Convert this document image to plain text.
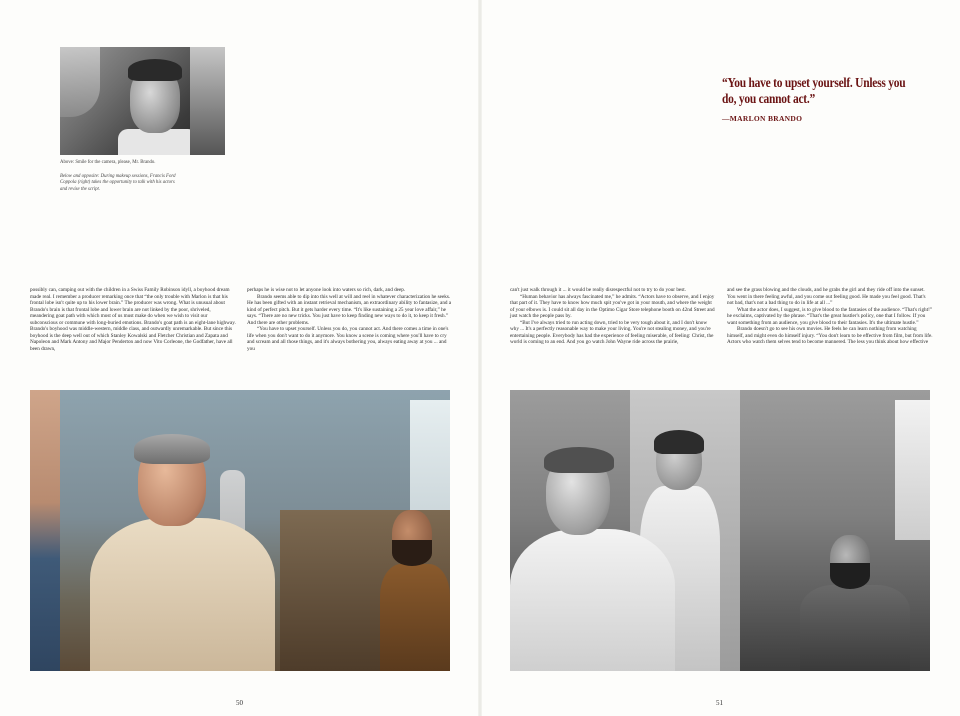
Above: Smile for the camera, please, Mr. Brando.
Below and opposite: During makeup sessions, Francis Ford Coppola (right) takes the opportunity to talk with his actors and revise the script.
“You have to upset yourself. Unless you do, you cannot act.”
—MARLON BRANDO

possibly can, camping out with the children in a Swiss Family Robinson idyll, a boyhood dream made real. I remember a producer remarking once that “the only trouble with Marlon is that his frontal lobe isn't quite up to his lower brain.” The producer was wrong. What is unusual about Brando's brain is that frontal lobe and lower brain are not linked by the poor, shriveled, meandering goat path with which most of us must make do when we wish to visit our subconscious or commune with long-buried emotions. Brando's goat path is an eight-lane highway. Brando's boyhood was middle-western, middle class, and outwardly unremarkable. But since this boyhood is the deep well out of which Stanley Kowalski and Fletcher Christian and Zapata and Napoleon and Mark Antony and Major Penderton and now Vito Corleone, the Godfather, have all been drawn,

perhaps he is wise not to let anyone look into waters so rich, dark, and deep.

Brando seems able to dip into this well at will and reel in whatever characterization he seeks. He has been gifted with an instant retrieval mechanism, an extraordinary ability to fantasize, and a kind of perfect pitch. But it gets harder every time. “It's like sustaining a 25 year love affair,” he says. “There are no new tricks. You just have to keep finding new ways to do it, to keep it fresh.” And there are other problems.

“You have to upset yourself. Unless you do, you cannot act. And there comes a time in one's life when you don't want to do it anymore. You know a scene is coming where you'll have to cry and scream and all those things, and it's always bothering you, always eating away at you ... and you

can't just walk through it ... it would be really disrespectful not to try to do your best.

“Human behavior has always fascinated me,” he admits. “Actors have to observe, and I enjoy that part of it. They have to know how much spit you've got in your mouth, and where the weight of your elbows is. I could sit all day in the Optimo Cigar Store telephone booth on 42nd Street and just watch the people pass by.

“But I've always tried to run acting down, tried to be very tough about it, and I don't know why ... It's a perfectly reasonable way to make your living. You're not stealing money, and you're entertaining people. Everybody has had the experience of feeling miserable, of feeling: Christ, the world is coming to an end. And you go watch John Wayne ride across the prairie,

and see the grass blowing and the clouds, and he grabs the girl and they ride off into the sunset. You went in there feeling awful, and you come out feeling good. He made you feel good. That's not bad, that's not a bad thing to do in life at all ...”

What the actor does, I suggest, is to give blood to the fantasies of the audience. “That's right!” he exclaims, captivated by the phrase. “That's the great hustler's policy, one that I follow. If you want something from an audience, you give blood to their fantasies. It's the ultimate hustle.”

Brando doesn't go to see his own movies. He feels he can learn nothing from watching himself, and might even do himself injury. “You don't learn to be effective from film, but from life. Actors who watch them selves tend to become mannered. The less you think about how effective

50	51
